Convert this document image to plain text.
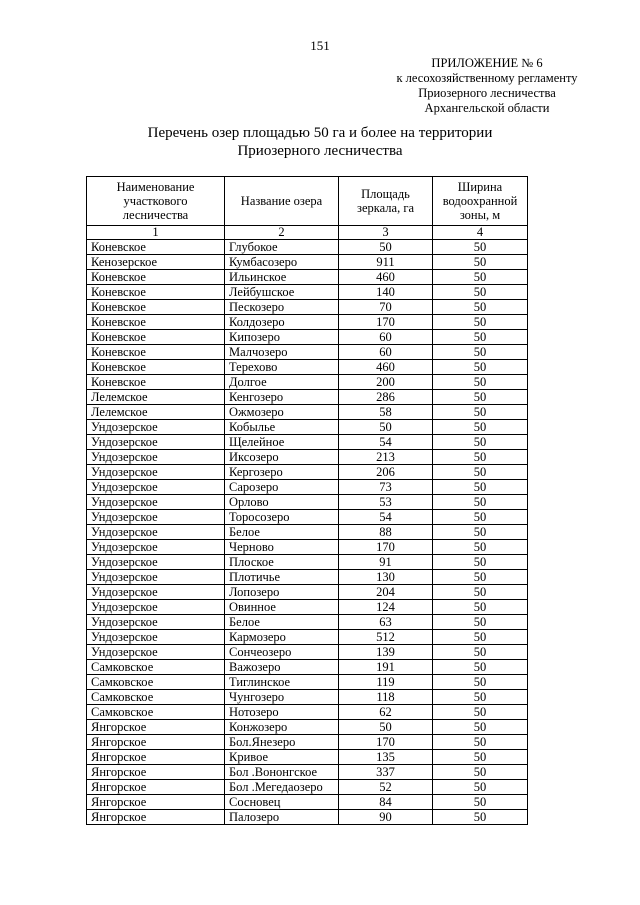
151
ПРИЛОЖЕНИЕ № 6
к лесохозяйственному регламенту
Приозерного лесничества
Архангельской области
Перечень озер площадью 50 га и более на территории
Приозерного лесничества
Наименование участкового лесничества	Название озера	Площадь зеркала, га	Ширина водоохранной зоны, м
1	2	3	4
Коневское	Глубокое	50	50
Кенозерское	Кумбасозеро	911	50
Коневское	Ильинское	460	50
Коневское	Лейбушское	140	50
Коневское	Пескозеро	70	50
Коневское	Колдозеро	170	50
Коневское	Кипозеро	60	50
Коневское	Малчозеро	60	50
Коневское	Терехово	460	50
Коневское	Долгое	200	50
Лелемское	Кенгозеро	286	50
Лелемское	Ожмозеро	58	50
Ундозерское	Кобылье	50	50
Ундозерское	Щелейное	54	50
Ундозерское	Иксозеро	213	50
Ундозерское	Кергозеро	206	50
Ундозерское	Сарозеро	73	50
Ундозерское	Орлово	53	50
Ундозерское	Торосозеро	54	50
Ундозерское	Белое	88	50
Ундозерское	Черново	170	50
Ундозерское	Плоское	91	50
Ундозерское	Плотичье	130	50
Ундозерское	Лопозеро	204	50
Ундозерское	Овинное	124	50
Ундозерское	Белое	63	50
Ундозерское	Кармозеро	512	50
Ундозерское	Сончеозеро	139	50
Самковское	Важозеро	191	50
Самковское	Тиглинское	119	50
Самковское	Чунгозеро	118	50
Самковское	Нотозеро	62	50
Янгорское	Конжозеро	50	50
Янгорское	Бол.Янезеро	170	50
Янгорское	Кривое	135	50
Янгорское	Бол .Вононгское	337	50
Янгорское	Бол .Мегедаозеро	52	50
Янгорское	Сосновец	84	50
Янгорское	Палозеро	90	50
